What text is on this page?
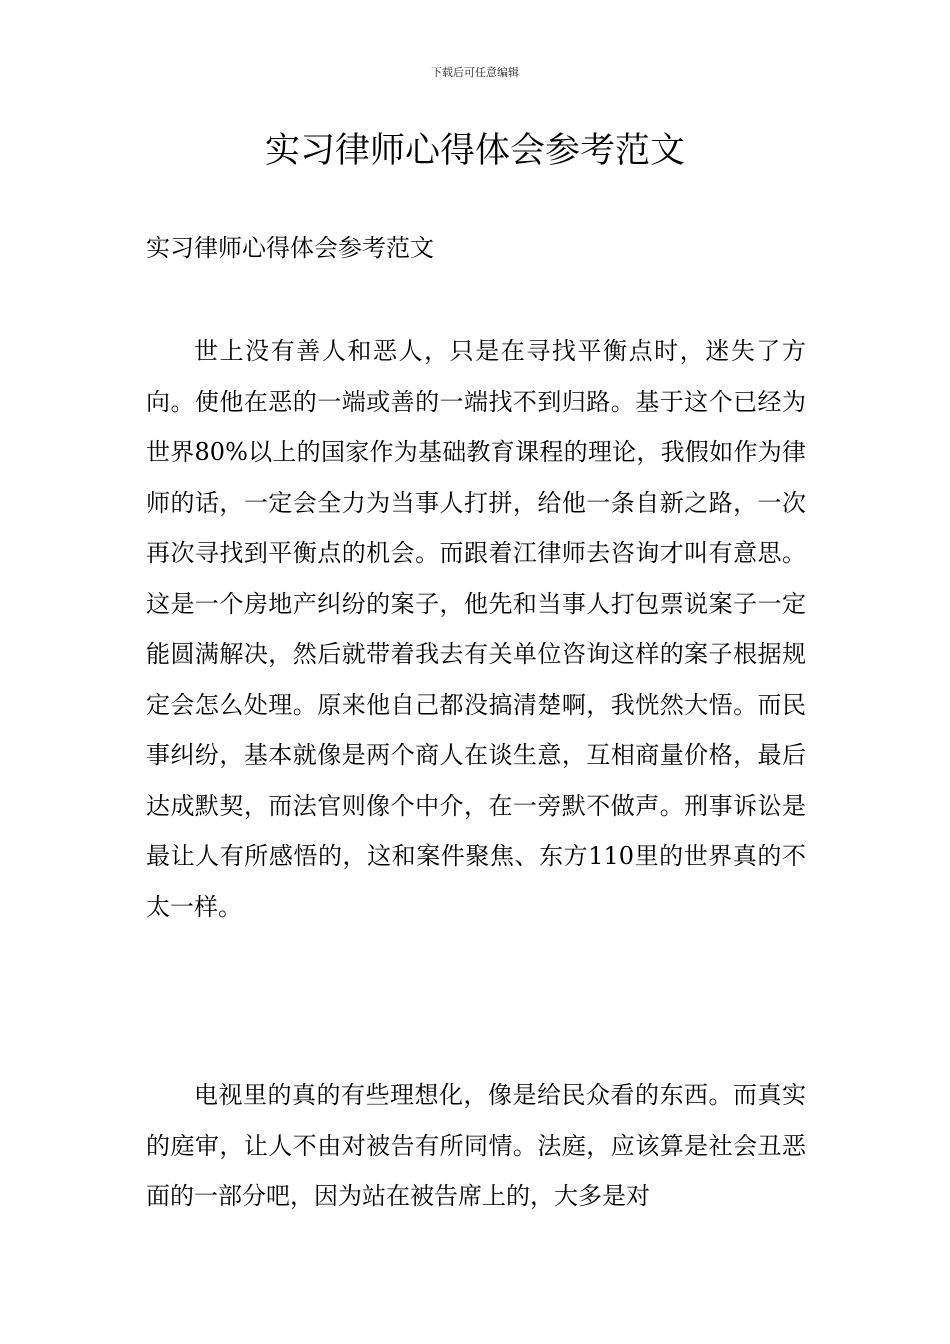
下载后可任意编辑
实习律师心得体会参考范文
实习律师心得体会参考范文

世上没有善人和恶人，只是在寻找平衡点时，迷失了方向。使他在恶的一端或善的一端找不到归路。基于这个已经为世界80%以上的国家作为基础教育课程的理论，我假如作为律师的话，一定会全力为当事人打拼，给他一条自新之路，一次再次寻找到平衡点的机会。而跟着江律师去咨询才叫有意思。这是一个房地产纠纷的案子，他先和当事人打包票说案子一定能圆满解决，然后就带着我去有关单位咨询这样的案子根据规定会怎么处理。原来他自己都没搞清楚啊，我恍然大悟。而民事纠纷，基本就像是两个商人在谈生意，互相商量价格，最后达成默契，而法官则像个中介，在一旁默不做声。刑事诉讼是最让人有所感悟的，这和案件聚焦、东方110里的世界真的不太一样。

电视里的真的有些理想化，像是给民众看的东西。而真实的庭审，让人不由对被告有所同情。法庭，应该算是社会丑恶面的一部分吧，因为站在被告席上的，大多是对
